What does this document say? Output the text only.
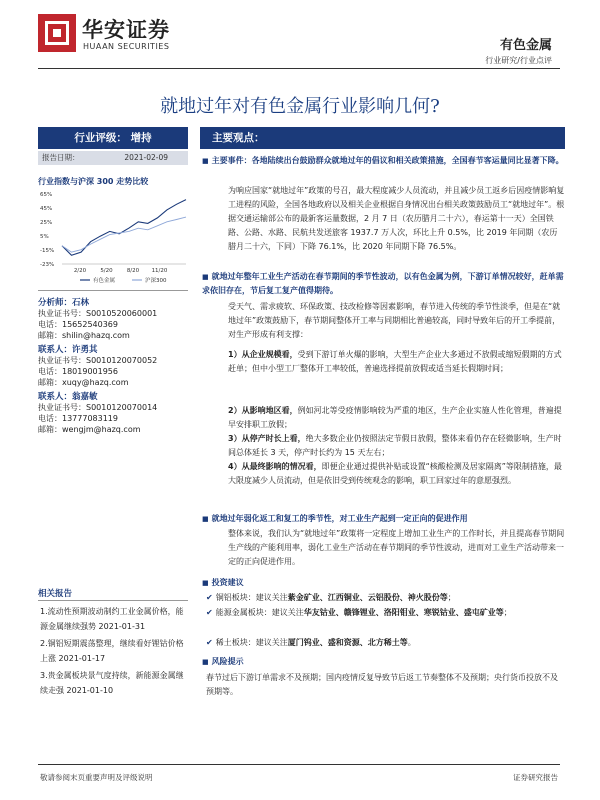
华安证券
HUAAN SECURITIES	有色金属
行业研究/行业点评
就地过年对有色金属行业影响几何?
行业评级： 增持
报告日期：	2021-02-09
行业指数与沪深 300 走势比较
65%
45%
25%
5%
-15%
-23%
2/20	5/20	8/20 11/20
有色金属	沪深300
分析师：石林
执业证书号：S0010520060001
电话：15652540369
邮箱：shilin@hazq.com
联系人：许勇其
执业证书号：S0010120070052
电话：18019001956
邮箱：xuqy@hazq.com
联系人：翁嘉敏
执业证书号：S0010120070014
电话：13777083119
邮箱：wengjm@hazq.com
相关报告
1.流动性预期波动制约工业金属价格，能源金属继续强势 2021-01-31
2.铜铝短期震荡整理，继续看好锂钴价格上涨 2021-01-17
3.贵金属板块景气度持续，新能源金属继续走强 2021-01-10
主要观点：
■ 主要事件：各地陆续出台鼓励群众就地过年的倡议和相关政策措施，全国春节客运量同比显著下降。
为响应国家“就地过年”政策的号召，最大程度减少人员流动，并且减少员工返乡后因疫情影响复工进程的风险，全国各地政府以及相关企业根据自身情况出台相关政策鼓励员工“就地过年”。根据交通运输部公布的最新客运量数据，2 月 7 日（农历腊月二十六），春运第十一天）全国铁路、公路、水路、民航共发送旅客 1937.7 万人次，环比上升 0.5%，比 2019 年同期（农历腊月二十六，下同）下降 76.1%，比 2020 年同期下降 76.5%。
■ 就地过年整年工业生产活动在春节期间的季节性波动，以有色金属为例，下游订单情况较好，赶单需求依旧存在，节后复工复产值得期待。
受天气、需求疲软、环保政策、技改检修等因素影响，春节进入传统的季节性淡季，但是在“就地过年”政策鼓励下，春节期间整体开工率与同期相比普遍较高，同时导致年后的开工季提前，对生产形成有利支撑：
1）从企业规模看，受到下游订单火爆的影响，大型生产企业大多通过不放假或缩短假期的方式赶单；但中小型工厂整体开工率较低，普遍选择提前放假或适当延长假期时间；
2）从影响地区看，例如河北等受疫情影响较为严重的地区，生产企业实施人性化管理，普遍提早安排职工放假；
3）从停产时长上看，绝大多数企业仍按照法定节假日放假，整体来看仍存在轻微影响，生产时间总体延长 3 天，停产时长约为 15 天左右；
4）从最终影响的情况看，即便企业通过提供补贴或设置“核酸检测及居家隔离”等限制措施，最大限度减少人员流动，但是依旧受到传统观念的影响，职工回家过年的意愿强烈。
■ 就地过年弱化返工和复工的季节性，对工业生产起到一定正向的促进作用
整体来说，我们认为“就地过年”政策将一定程度上增加工业生产的工作时长，并且提高春节期间生产线的产能利用率，弱化工业生产活动在春节期间的季节性波动，进而对工业生产活动带来一定的正向促进作用。
■ 投资建议
✔ 铜铝板块：建议关注紫金矿业、江西铜业、云铝股份、神火股份等；
✔ 能源金属板块：建议关注华友钴业、赣锋锂业、洛阳钼业、寒锐钴业、盛屯矿业等；
✔ 稀土板块：建议关注厦门钨业、盛和资源、北方稀土等。
■ 风险提示
春节过后下游订单需求不及预期；国内疫情反复导致节后返工节奏整体不及预期；央行货币投放不及预期等。
敬请参阅末页重要声明及评级说明	证券研究报告
